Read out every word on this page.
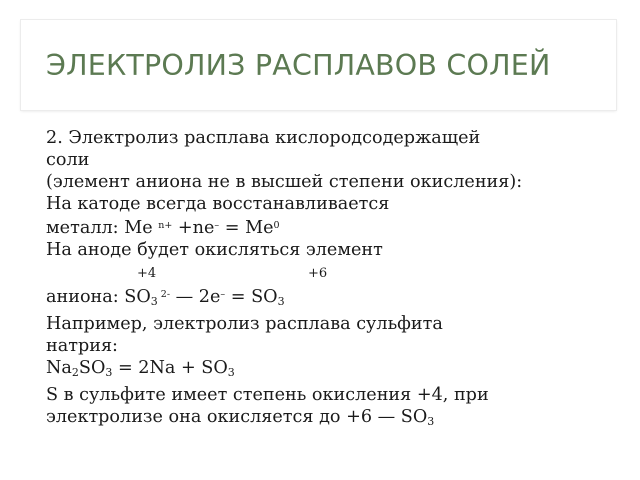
ЭЛЕКТРОЛИЗ РАСПЛАВОВ СОЛЕЙ
2. Электролиз расплава кислородсодержащей
соли
(элемент аниона не в высшей степени окисления):
На катоде всегда восстанавливается
металл: Me $^{n+} +ne^- = Me^0$
На аноде будет окисляться элемент
+4	+6
аниона: $SO_3$ $^{2-}$ — $2e^- = SO_3$
Например, электролиз расплава сульфита
натрия:
$Na_2SO_3 = 2Na + SO_3$
S в сульфите имеет степень окисления +4, при
электролизе она окисляется до +6 — $SO_3$
